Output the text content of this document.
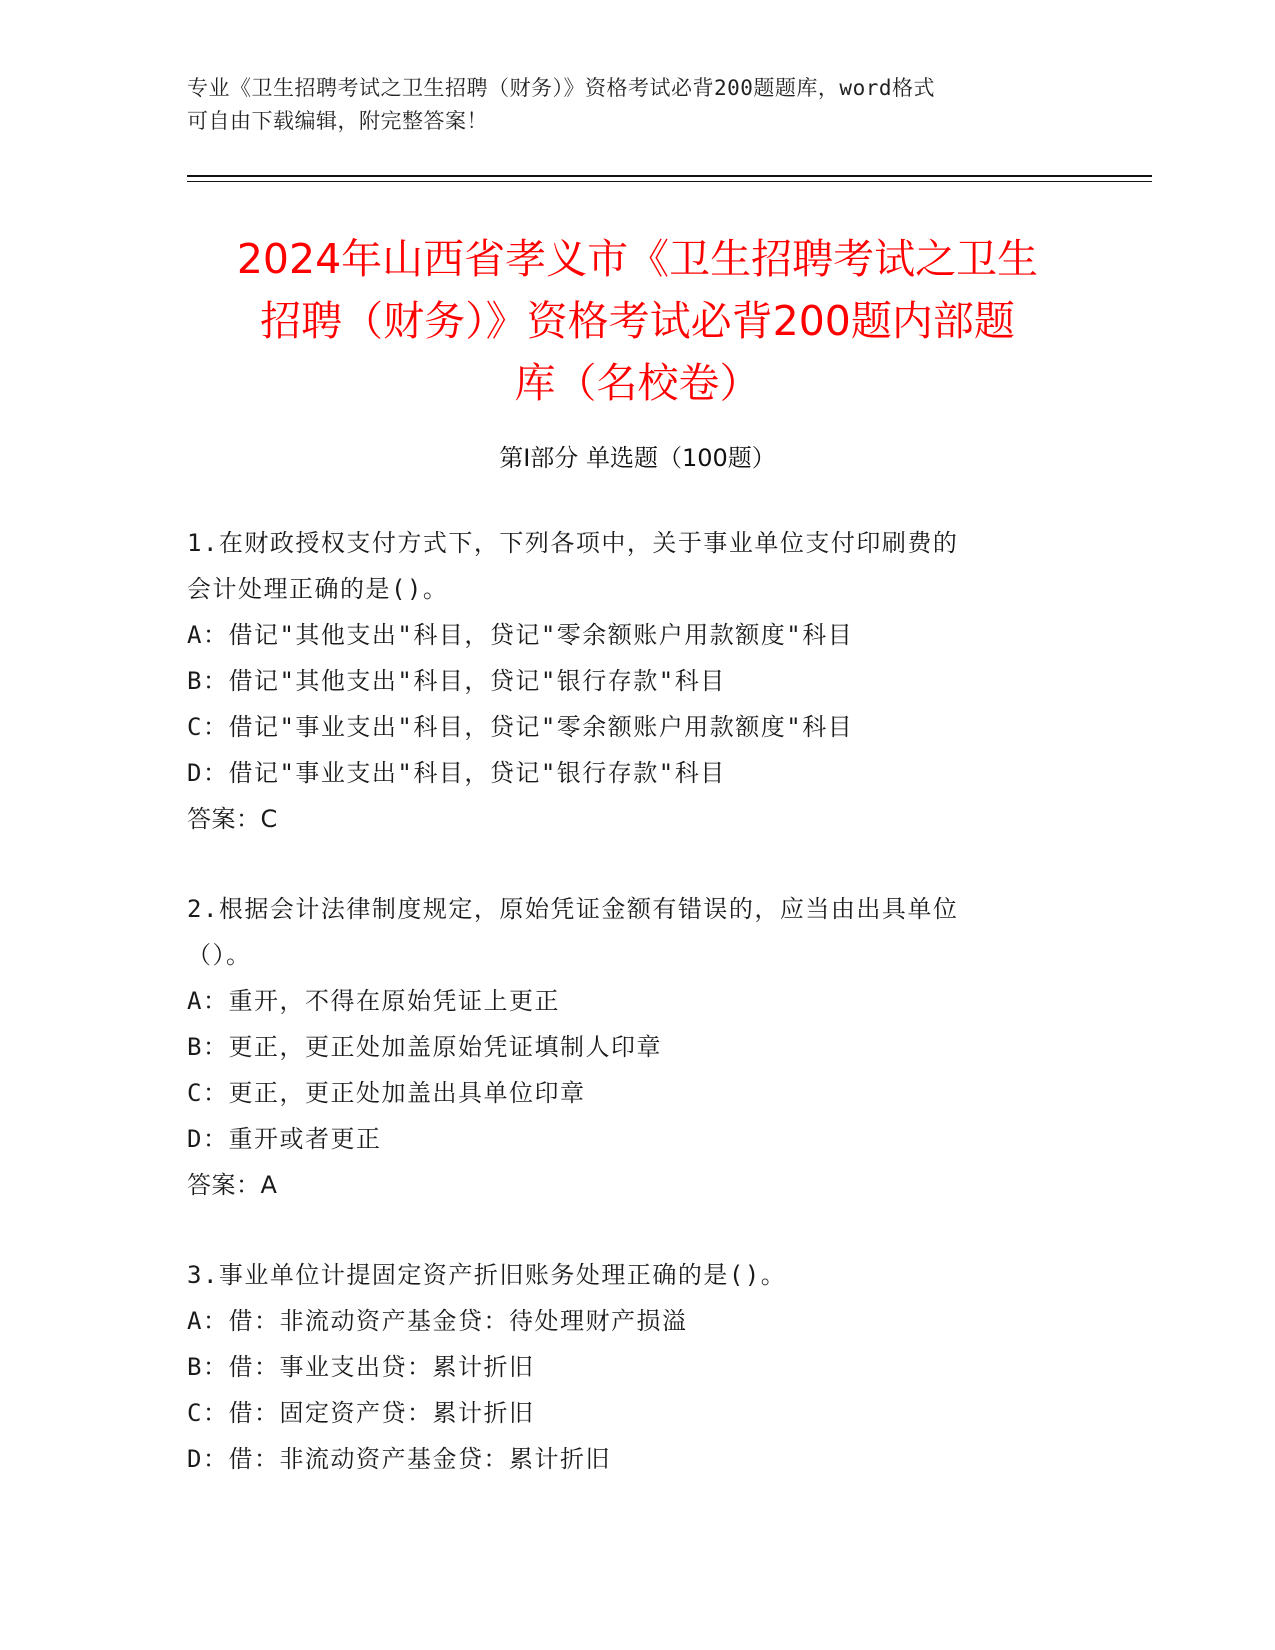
专业《卫生招聘考试之卫生招聘（财务）》资格考试必背200题题库，word格式
可自由下载编辑，附完整答案！
2024年山西省孝义市《卫生招聘考试之卫生
招聘（财务）》资格考试必背200题内部题
库（名校卷）
第Ⅰ部分 单选题（100题）
1.在财政授权支付方式下，下列各项中，关于事业单位支付印刷费的
会计处理正确的是()。
A：借记"其他支出"科目，贷记"零余额账户用款额度"科目
B：借记"其他支出"科目，贷记"银行存款"科目
C：借记"事业支出"科目，贷记"零余额账户用款额度"科目
D：借记"事业支出"科目，贷记"银行存款"科目
答案：C
2.根据会计法律制度规定，原始凭证金额有错误的，应当由出具单位
（）。
A：重开，不得在原始凭证上更正
B：更正，更正处加盖原始凭证填制人印章
C：更正，更正处加盖出具单位印章
D：重开或者更正
答案：A
3.事业单位计提固定资产折旧账务处理正确的是()。
A：借：非流动资产基金贷：待处理财产损溢
B：借：事业支出贷：累计折旧
C：借：固定资产贷：累计折旧
D：借：非流动资产基金贷：累计折旧
